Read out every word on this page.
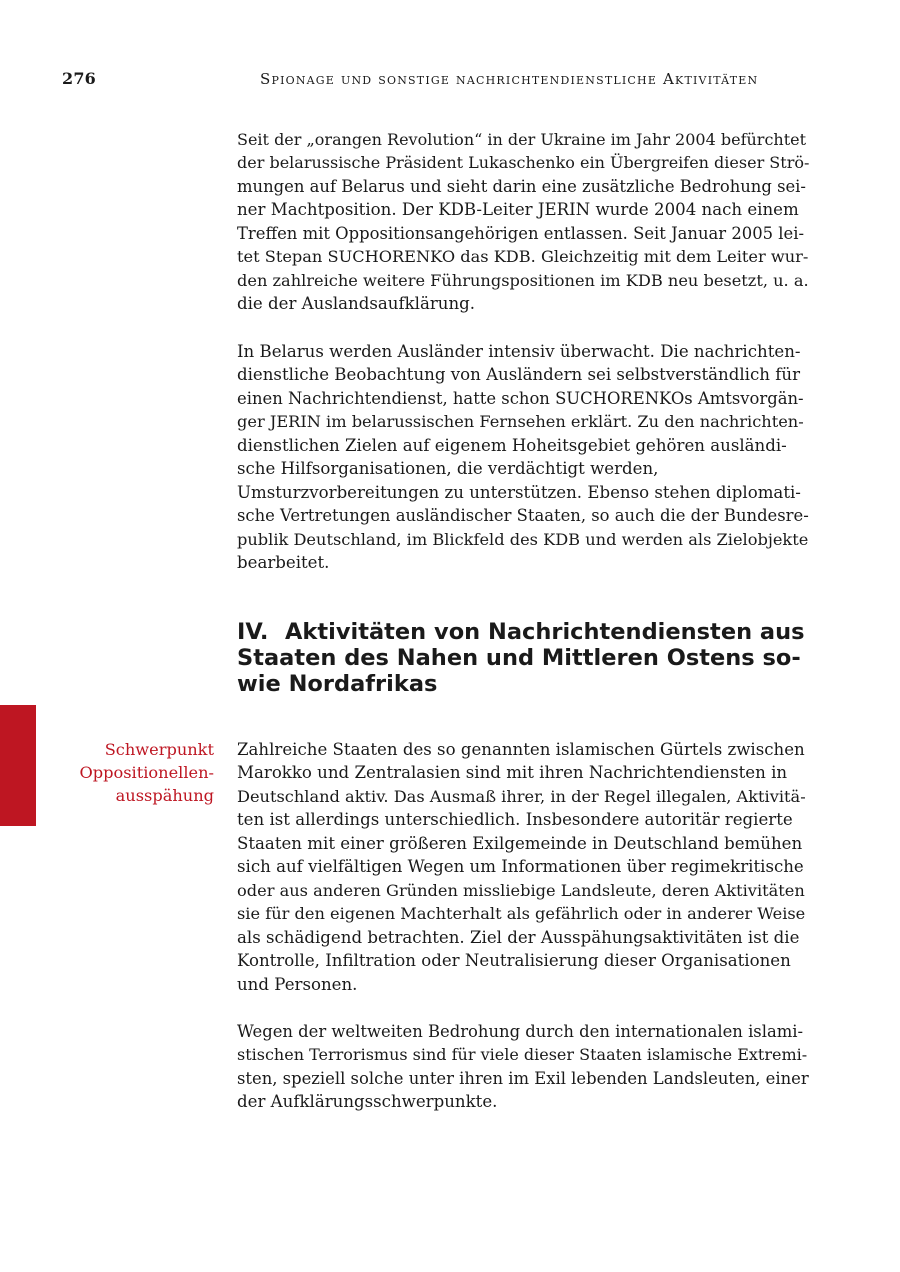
276	Spionage und sonstige nachrichtendienstliche Aktivitäten

Seit der „orangen Revolution“ in der Ukraine im Jahr 2004 befürchtet
der belarussische Präsident Lukaschenko ein Übergreifen dieser Strö-
mungen auf Belarus und sieht darin eine zusätzliche Bedrohung sei-
ner Machtposition. Der KDB-Leiter JERIN wurde 2004 nach einem
Treffen mit Oppositionsangehörigen entlassen. Seit Januar 2005 lei-
tet Stepan SUCHORENKO das KDB. Gleichzeitig mit dem Leiter wur-
den zahlreiche weitere Führungspositionen im KDB neu besetzt, u. a.
die der Auslandsaufklärung.

In Belarus werden Ausländer intensiv überwacht. Die nachrichten-
dienstliche Beobachtung von Ausländern sei selbstverständlich für
einen Nachrichtendienst, hatte schon SUCHORENKOs Amtsvorgän-
ger JERIN im belarussischen Fernsehen erklärt. Zu den nachrichten-
dienstlichen Zielen auf eigenem Hoheitsgebiet gehören ausländi-
sche Hilfsorganisationen, die verdächtigt werden,
Umsturzvorbereitungen zu unterstützen. Ebenso stehen diplomati-
sche Vertretungen ausländischer Staaten, so auch die der Bundesre-
publik Deutschland, im Blickfeld des KDB und werden als Zielobjekte
bearbeitet.

IV. Aktivitäten von Nachrichtendiensten aus
Staaten des Nahen und Mittleren Ostens so-
wie Nordafrikas
Schwerpunkt
Oppositionellen-
ausspähung

Zahlreiche Staaten des so genannten islamischen Gürtels zwischen
Marokko und Zentralasien sind mit ihren Nachrichtendiensten in
Deutschland aktiv. Das Ausmaß ihrer, in der Regel illegalen, Aktivitä-
ten ist allerdings unterschiedlich. Insbesondere autoritär regierte
Staaten mit einer größeren Exilgemeinde in Deutschland bemühen
sich auf vielfältigen Wegen um Informationen über regimekritische
oder aus anderen Gründen missliebige Landsleute, deren Aktivitäten
sie für den eigenen Machterhalt als gefährlich oder in anderer Weise
als schädigend betrachten. Ziel der Ausspähungsaktivitäten ist die
Kontrolle, Infiltration oder Neutralisierung dieser Organisationen
und Personen.

Wegen der weltweiten Bedrohung durch den internationalen islami-
stischen Terrorismus sind für viele dieser Staaten islamische Extremi-
sten, speziell solche unter ihren im Exil lebenden Landsleuten, einer
der Aufklärungsschwerpunkte.
